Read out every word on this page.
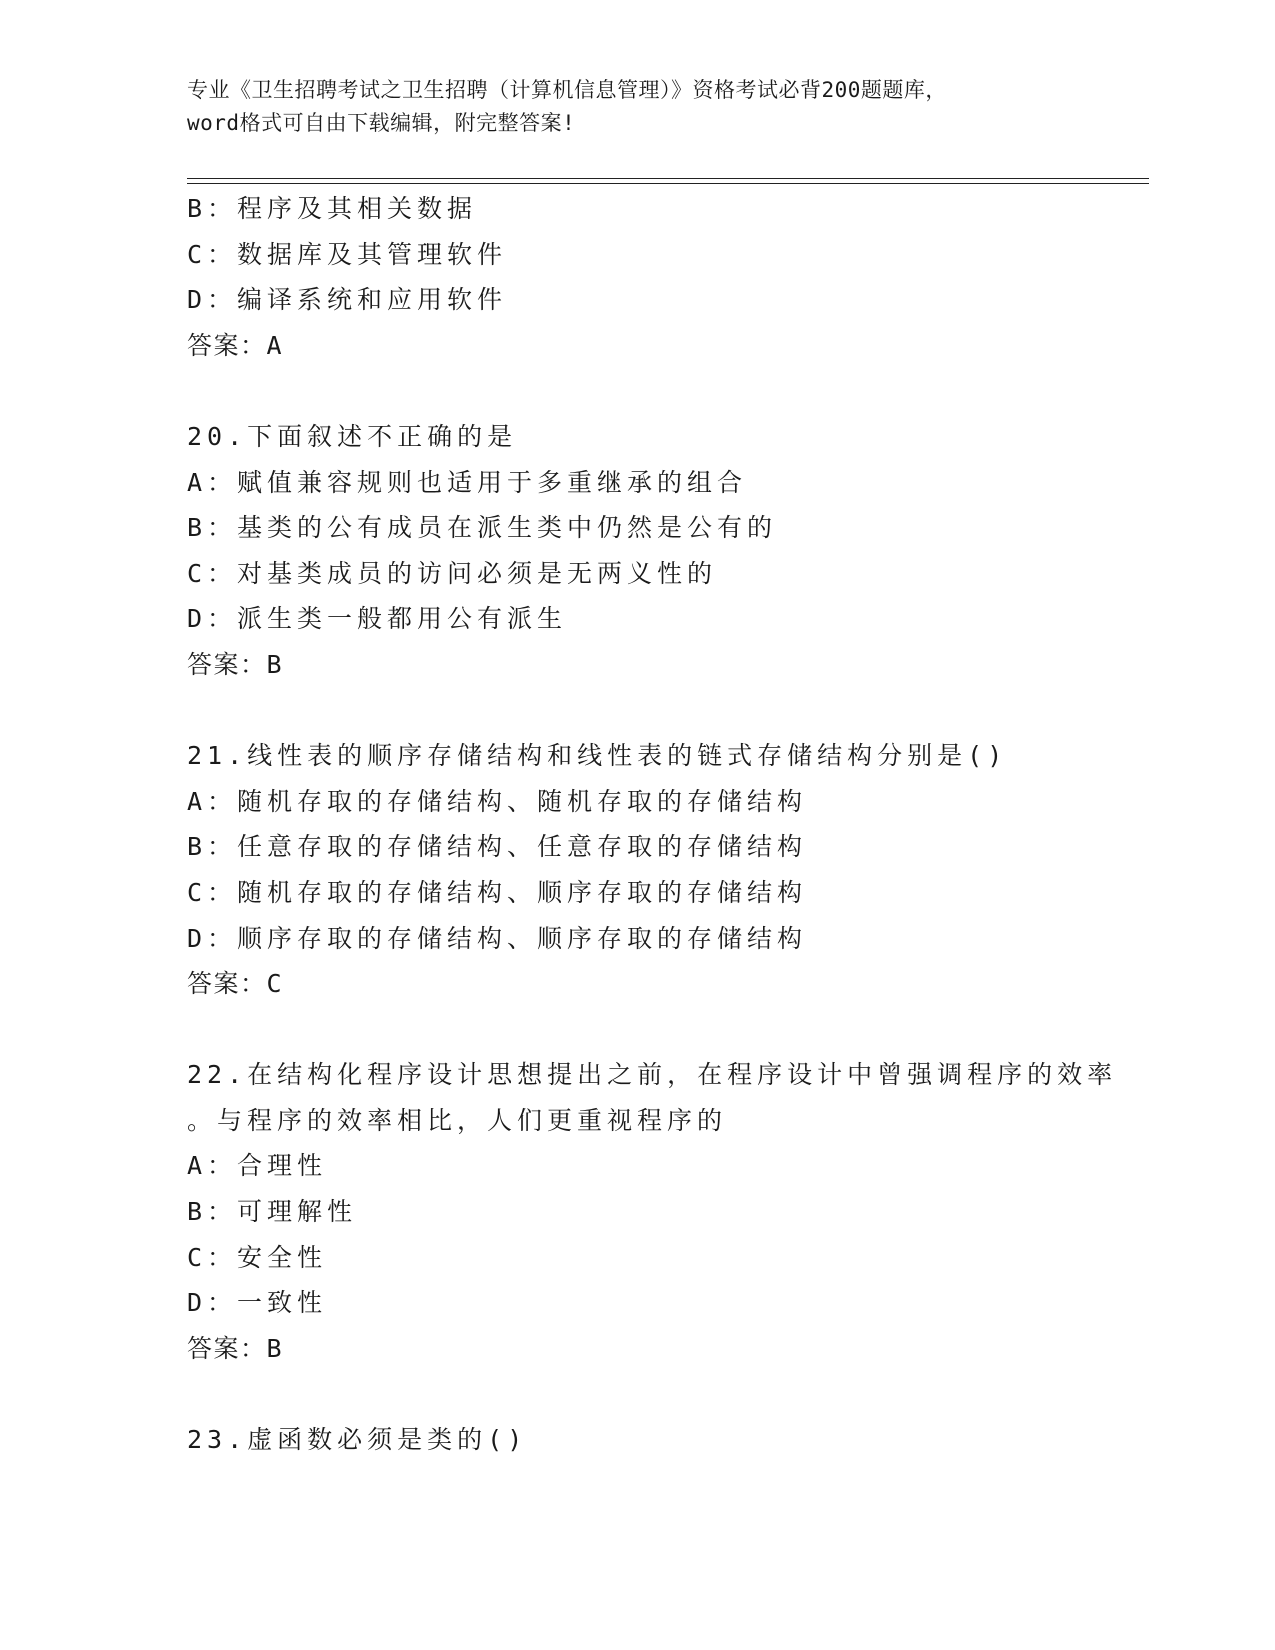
专业《卫生招聘考试之卫生招聘（计算机信息管理）》资格考试必背200题题库，
word格式可自由下载编辑，附完整答案!
B：程序及其相关数据
C：数据库及其管理软件
D：编译系统和应用软件
答案：A
20.下面叙述不正确的是
A：赋值兼容规则也适用于多重继承的组合
B：基类的公有成员在派生类中仍然是公有的
C：对基类成员的访问必须是无两义性的
D：派生类一般都用公有派生
答案：B
21.线性表的顺序存储结构和线性表的链式存储结构分别是()
A：随机存取的存储结构、随机存取的存储结构
B：任意存取的存储结构、任意存取的存储结构
C：随机存取的存储结构、顺序存取的存储结构
D：顺序存取的存储结构、顺序存取的存储结构
答案：C
22.在结构化程序设计思想提出之前，在程序设计中曾强调程序的效率
。与程序的效率相比，人们更重视程序的
A：合理性
B：可理解性
C：安全性
D：一致性
答案：B
23.虚函数必须是类的()
